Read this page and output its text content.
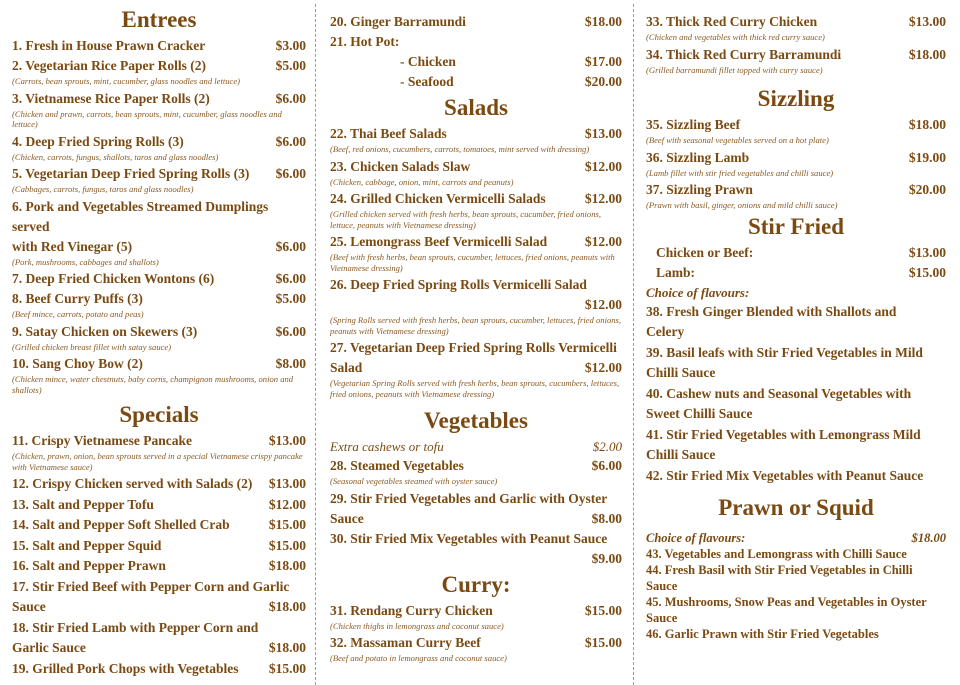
Entrees
1. Fresh in House Prawn Cracker	$3.00
2. Vegetarian Rice Paper Rolls (2)	$5.00
(Carrots, bean sprouts, mint, cucumber, glass noodles and lettuce)
3. Vietnamese Rice Paper Rolls (2)	$6.00
(Chicken and prawn, carrots, bean sprouts, mint, cucumber, glass noodles and lettuce)
4. Deep Fried Spring Rolls (3)	$6.00
(Chicken, carrots, fungus, shallots, taros and glass noodles)
5. Vegetarian Deep Fried Spring Rolls (3)	$6.00
(Cabbages, carrots, fungus, taros and glass noodles)
6. Pork and Vegetables Streamed Dumplings served
with Red Vinegar (5)	$6.00
(Pork, mushrooms, cabbages and shallots)
7. Deep Fried Chicken Wontons (6)	$6.00
8. Beef Curry Puffs (3)	$5.00
(Beef mince, carrots, potato and peas)
9. Satay Chicken on Skewers (3)	$6.00
(Grilled chicken breast fillet with satay sauce)
10. Sang Choy Bow (2)	$8.00
(Chicken mince, water chestnuts, baby corns, champignon mushrooms, onion and shallots)
Specials
11. Crispy Vietnamese Pancake	$13.00
(Chicken, prawn, onion, bean sprouts served in a special Vietnamese crispy pancake with Vietnamese sauce)
12. Crispy Chicken served with Salads (2)	$13.00
13. Salt and Pepper Tofu	$12.00
14. Salt and Pepper Soft Shelled Crab	$15.00
15. Salt and Pepper Squid	$15.00
16. Salt and Pepper Prawn	$18.00
17. Stir Fried Beef with Pepper Corn and Garlic
Sauce	$18.00
18. Stir Fried Lamb with Pepper Corn and
Garlic Sauce	$18.00
19. Grilled Pork Chops with Vegetables	$15.00
20. Ginger Barramundi	$18.00
21. Hot Pot:
- Chicken	$17.00
- Seafood	$20.00
Salads
22. Thai Beef Salads	$13.00
(Beef, red onions, cucumbers, carrots, tomatoes, mint served with dressing)
23. Chicken Salads Slaw	$12.00
(Chicken, cabbage, onion, mint, carrots and peanuts)
24. Grilled Chicken Vermicelli Salads	$12.00
(Grilled chicken served with fresh herbs, bean sprouts, cucumber, fried onions, lettuce, peanuts with Vietnamese dressing)
25. Lemongrass Beef Vermicelli Salad	$12.00
(Beef with fresh herbs, bean sprouts, cucumber, lettuces, fried onions, peanuts with Vietnamese dressing)
26. Deep Fried Spring Rolls Vermicelli Salad
$12.00
(Spring Rolls served with fresh herbs, bean sprouts, cucumber, lettuces, fried onions, peanuts with Vietnamese dressing)
27. Vegetarian Deep Fried Spring Rolls Vermicelli
Salad	$12.00
(Vegetarian Spring Rolls served with fresh herbs, bean sprouts, cucumbers, lettuces, fried onions, peanuts with Vietnamese dressing)
Vegetables
Extra cashews or tofu	$2.00
28. Steamed Vegetables	$6.00
(Seasonal vegetables steamed with oyster sauce)
29. Stir Fried Vegetables and Garlic with Oyster
Sauce	$8.00
30. Stir Fried Mix Vegetables with Peanut Sauce
$9.00
Curry:
31. Rendang Curry Chicken	$15.00
(Chicken thighs in lemongrass and coconut sauce)
32. Massaman Curry Beef	$15.00
(Beef and potato in lemongrass and coconut sauce)
33. Thick Red Curry Chicken	$13.00
(Chicken and vegetables with thick red curry sauce)
34. Thick Red Curry Barramundi	$18.00
(Grilled barramundi fillet topped with curry sauce)
Sizzling
35. Sizzling Beef	$18.00
(Beef with seasonal vegetables served on a hot plate)
36. Sizzling Lamb	$19.00
(Lamb fillet with stir fried vegetables and chilli sauce)
37. Sizzling Prawn	$20.00
(Prawn with basil, ginger, onions and mild chilli sauce)
Stir Fried
Chicken or Beef:	$13.00
Lamb:	$15.00
Choice of flavours:
38. Fresh Ginger Blended with Shallots and
Celery
39. Basil leafs with Stir Fried Vegetables in Mild
Chilli Sauce
40. Cashew nuts and Seasonal Vegetables with
Sweet Chilli Sauce
41. Stir Fried Vegetables with Lemongrass Mild
Chilli Sauce
42. Stir Fried Mix Vegetables with Peanut Sauce
Prawn or Squid
Choice of flavours:	$18.00
43. Vegetables and Lemongrass with Chilli Sauce
44. Fresh Basil with Stir Fried Vegetables in Chilli
Sauce
45. Mushrooms, Snow Peas and Vegetables in Oyster
Sauce
46. Garlic Prawn with Stir Fried Vegetables
